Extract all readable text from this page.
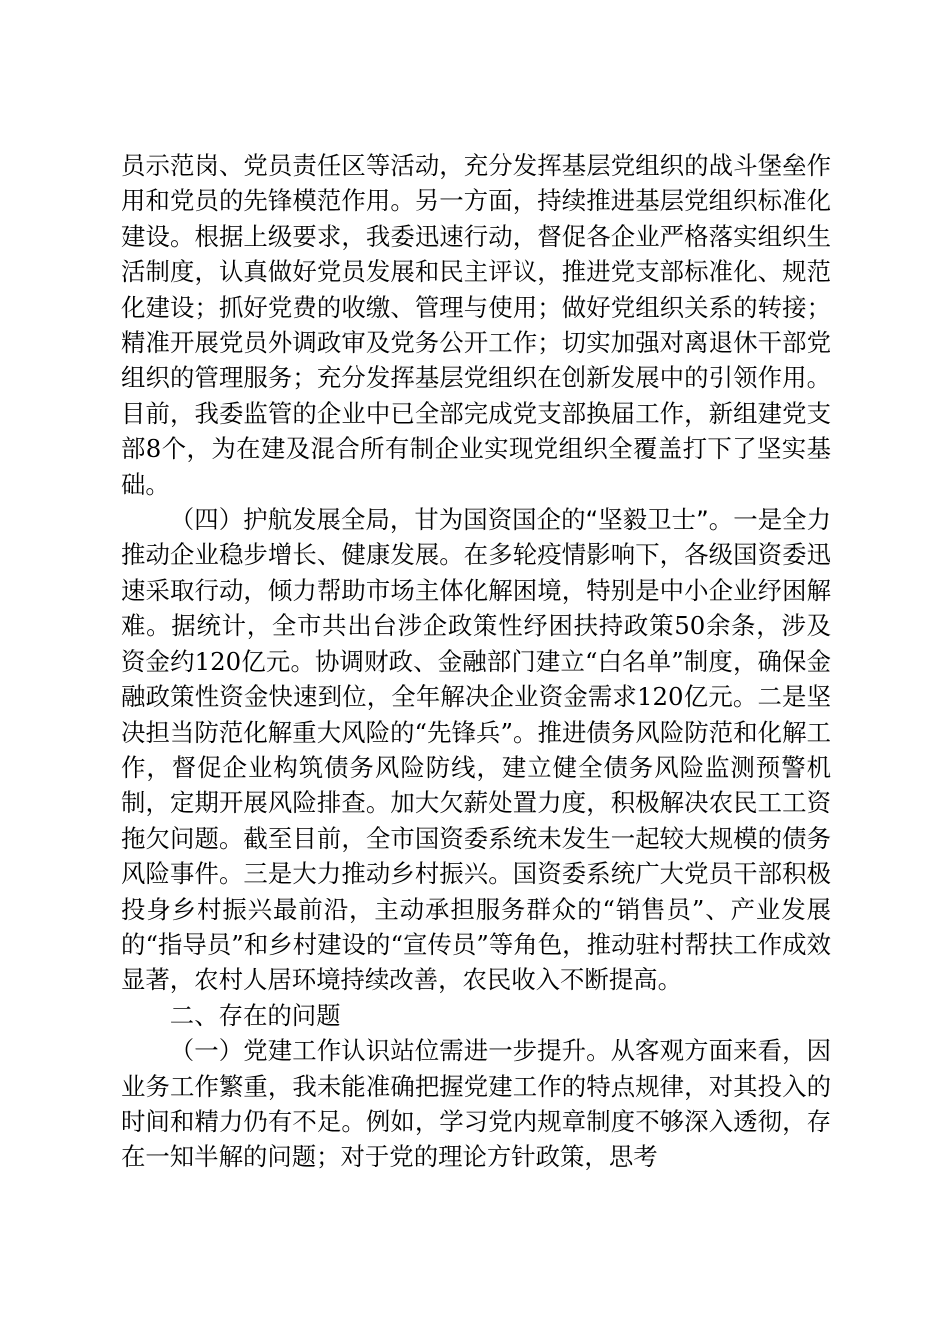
员示范岗、党员责任区等活动，充分发挥基层党组织的战斗堡垒作用和党员的先锋模范作用。另一方面，持续推进基层党组织标准化建设。根据上级要求，我委迅速行动，督促各企业严格落实组织生活制度，认真做好党员发展和民主评议，推进党支部标准化、规范化建设；抓好党费的收缴、管理与使用；做好党组织关系的转接；精准开展党员外调政审及党务公开工作；切实加强对离退休干部党组织的管理服务；充分发挥基层党组织在创新发展中的引领作用。目前，我委监管的企业中已全部完成党支部换届工作，新组建党支部8个，为在建及混合所有制企业实现党组织全覆盖打下了坚实基础。

（四）护航发展全局，甘为国资国企的“坚毅卫士”。一是全力推动企业稳步增长、健康发展。在多轮疫情影响下，各级国资委迅速采取行动，倾力帮助市场主体化解困境，特别是中小企业纾困解难。据统计，全市共出台涉企政策性纾困扶持政策50余条，涉及资金约120亿元。协调财政、金融部门建立“白名单”制度，确保金融政策性资金快速到位，全年解决企业资金需求120亿元。二是坚决担当防范化解重大风险的“先锋兵”。推进债务风险防范和化解工作，督促企业构筑债务风险防线，建立健全债务风险监测预警机制，定期开展风险排查。加大欠薪处置力度，积极解决农民工工资拖欠问题。截至目前，全市国资委系统未发生一起较大规模的债务风险事件。三是大力推动乡村振兴。国资委系统广大党员干部积极投身乡村振兴最前沿，主动承担服务群众的“销售员”、产业发展的“指导员”和乡村建设的“宣传员”等角色，推动驻村帮扶工作成效显著，农村人居环境持续改善，农民收入不断提高。

二、存在的问题

（一）党建工作认识站位需进一步提升。从客观方面来看，因业务工作繁重，我未能准确把握党建工作的特点规律，对其投入的时间和精力仍有不足。例如，学习党内规章制度不够深入透彻，存在一知半解的问题；对于党的理论方针政策，思考
